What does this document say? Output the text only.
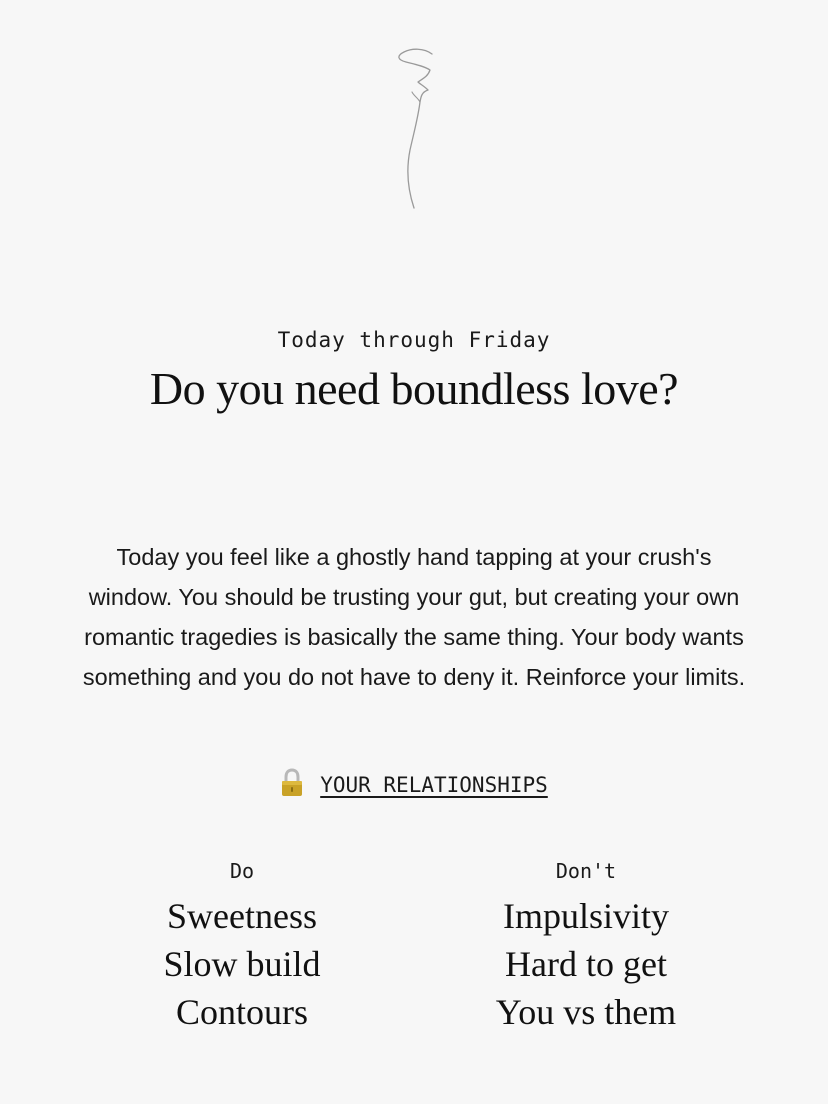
Today through Friday
Do you need boundless love?

Today you feel like a ghostly hand tapping at your crush's window. You should be trusting your gut, but creating your own romantic tragedies is basically the same thing. Your body wants something and you do not have to deny it. Reinforce your limits.

YOUR RELATIONSHIPS
Do
Sweetness
Slow build
Contours
Don't
Impulsivity
Hard to get
You vs them
